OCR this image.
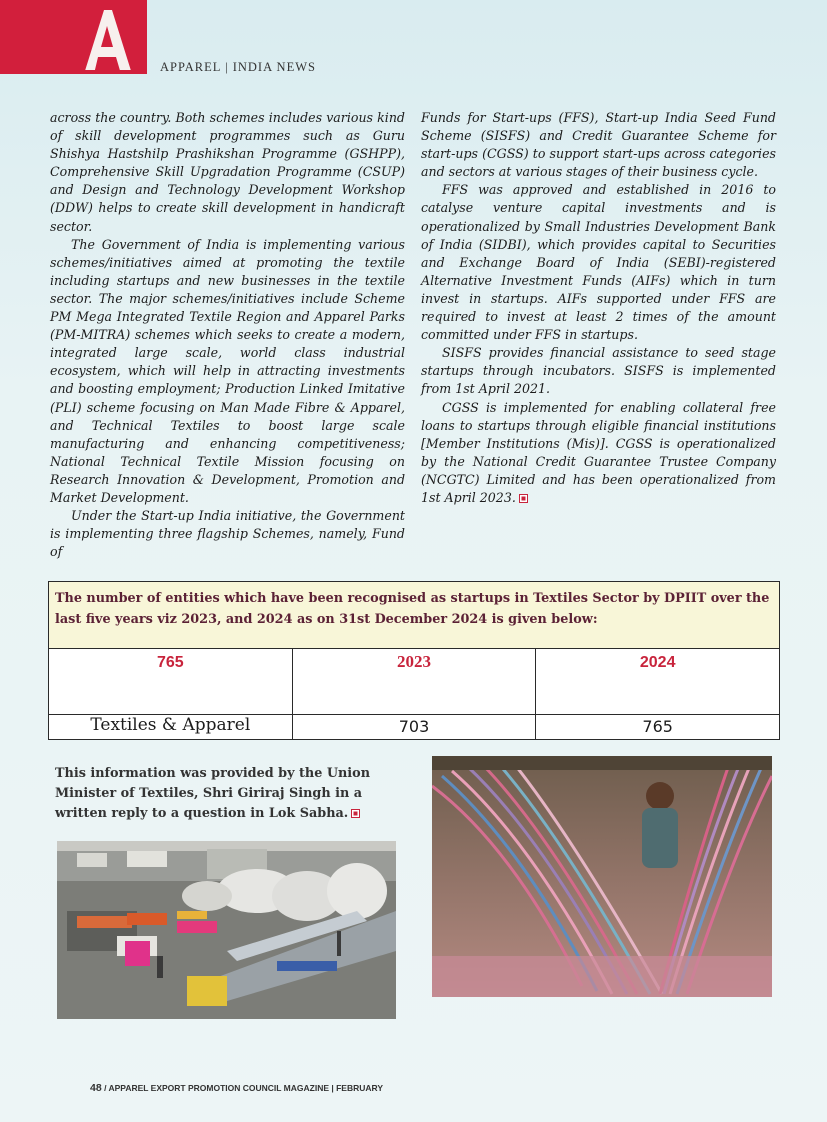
APPAREL | INDIA NEWS

across the country. Both schemes includes various kind of skill development programmes such as Guru Shishya Hastshilp Prashikshan Programme (GSHPP), Comprehensive Skill Upgradation Programme (CSUP) and Design and Technology Development Workshop (DDW) helps to create skill development in handicraft sector.

The Government of India is implementing various schemes/initiatives aimed at promoting the textile including startups and new businesses in the textile sector. The major schemes/initiatives include Scheme PM Mega Integrated Textile Region and Apparel Parks (PM-MITRA) schemes which seeks to create a modern, integrated large scale, world class industrial ecosystem, which will help in attracting investments and boosting employment; Production Linked Imitative (PLI) scheme focusing on Man Made Fibre & Apparel, and Technical Textiles to boost large scale manufacturing and enhancing competitiveness; National Technical Textile Mission focusing on Research Innovation & Development, Promotion and Market Development.

Under the Start-up India initiative, the Government is implementing three flagship Schemes, namely, Fund of

Funds for Start-ups (FFS), Start-up India Seed Fund Scheme (SISFS) and Credit Guarantee Scheme for start-ups (CGSS) to support start-ups across categories and sectors at various stages of their business cycle.

FFS was approved and established in 2016 to catalyse venture capital investments and is operationalized by Small Industries Development Bank of India (SIDBI), which provides capital to Securities and Exchange Board of India (SEBI)-registered Alternative Investment Funds (AIFs) which in turn invest in startups. AIFs supported under FFS are required to invest at least 2 times of the amount committed under FFS in startups.

SISFS provides financial assistance to seed stage startups through incubators. SISFS is implemented from 1st April 2021.

CGSS is implemented for enabling collateral free loans to startups through eligible financial institutions [Member Institutions (Mis)]. CGSS is operationalized by the National Credit Guarantee Trustee Company (NCGTC) Limited and has been operationalized from 1st April 2023.

The number of entities which have been recognised as startups in Textiles Sector by DPIIT over the last five years viz 2023, and 2024 as on 31st December 2024 is given below:
765	2023	2024
Textiles & Apparel	703	765
This information was provided by the Union Minister of Textiles, Shri Giriraj Singh in a written reply to a question in Lok Sabha.
48 / APPAREL EXPORT PROMOTION COUNCIL MAGAZINE | FEBRUARY
